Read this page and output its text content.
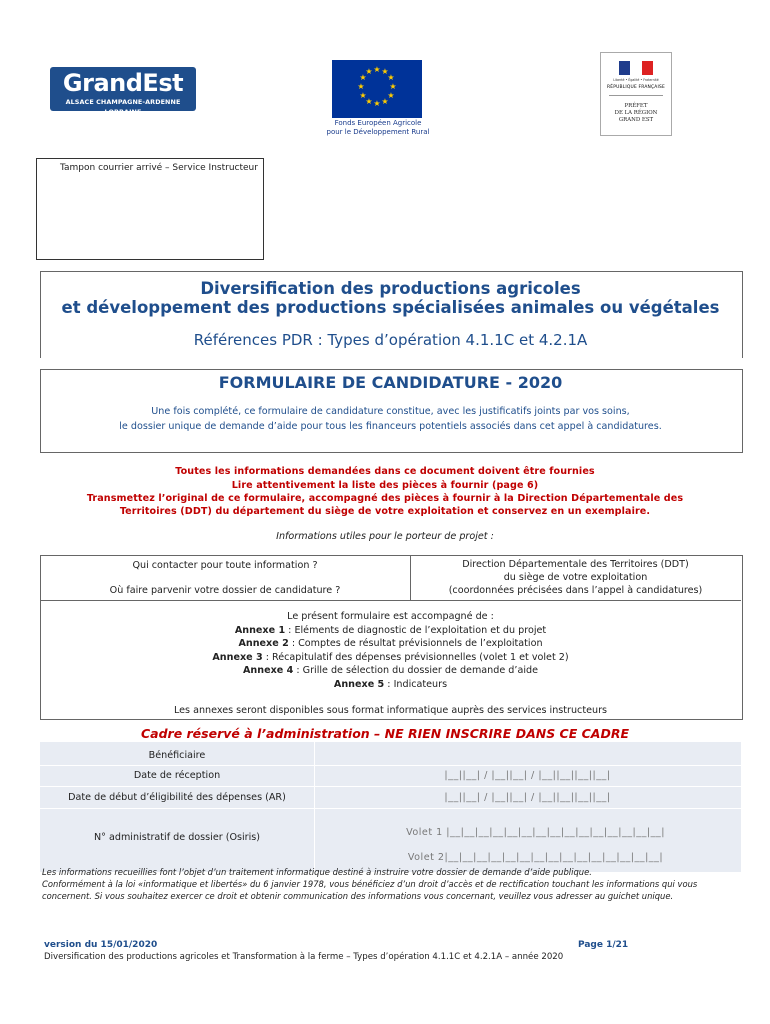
GrandEst
ALSACE CHAMPAGNE-ARDENNE LORRAINE
★ ★
★
★
★
★
★
★
★
★
★
★
Fonds Européen Agricole
pour le Développement Rural
Liberté • Égalité • Fraternité
RÉPUBLIQUE FRANÇAISE
PRÉFET
DE LA RÉGION
GRAND EST
Tampon courrier arrivé – Service Instructeur
Diversification des productions agricoles
et développement des productions spécialisées animales ou végétales
Références PDR : Types d’opération 4.1.1C et 4.2.1A
FORMULAIRE DE CANDIDATURE - 2020
Une fois complété, ce formulaire de candidature constitue, avec les justificatifs joints par vos soins,
le dossier unique de demande d’aide pour tous les financeurs potentiels associés dans cet appel à candidatures.
Toutes les informations demandées dans ce document doivent être fournies
Lire attentivement la liste des pièces à fournir (page 6)
Transmettez l’original de ce formulaire, accompagné des pièces à fournir à la Direction Départementale des
Territoires (DDT) du département du siège de votre exploitation et conservez en un exemplaire.
Informations utiles pour le porteur de projet :
Qui contacter pour toute information ?
Où faire parvenir votre dossier de candidature ?
Direction Départementale des Territoires (DDT)
du siège de votre exploitation
(coordonnées précisées dans l’appel à candidatures)
Le présent formulaire est accompagné de :
Annexe 1 : Eléments de diagnostic de l’exploitation et du projet
Annexe 2 : Comptes de résultat prévisionnels de l’exploitation
Annexe 3 : Récapitulatif des dépenses prévisionnelles (volet 1 et volet 2)
Annexe 4 : Grille de sélection du dossier de demande d’aide
Annexe 5 : Indicateurs
Les annexes seront disponibles sous format informatique auprès des services instructeurs
Cadre réservé à l’administration – NE RIEN INSCRIRE DANS CE CADRE
Bénéficiaire
Date de réception
Date de début d’éligibilité des dépenses (AR)
N° administratif de dossier (Osiris)
|__||__| / |__||__| / |__||__||__||__|
|__||__| / |__||__| / |__||__||__||__|
Volet 1 |__|__|__|__|__|__|__|__|__|__|__|__|__|__|__|
Volet 2|__|__|__|__|__|__|__|__|__|__|__|__|__|__|__|
Les informations recueillies font l’objet d’un traitement informatique destiné à instruire votre dossier de demande d’aide publique.
Conformément à la loi «informatique et libertés» du 6 janvier 1978, vous bénéficiez d’un droit d’accès et de rectification touchant les informations qui vous concernent. Si vous souhaitez exercer ce droit et obtenir communication des informations vous concernant, veuillez vous adresser au guichet unique.
version du 15/01/2020	Page 1/21
Diversification des productions agricoles et Transformation à la ferme – Types d’opération 4.1.1C et 4.2.1A – année 2020
